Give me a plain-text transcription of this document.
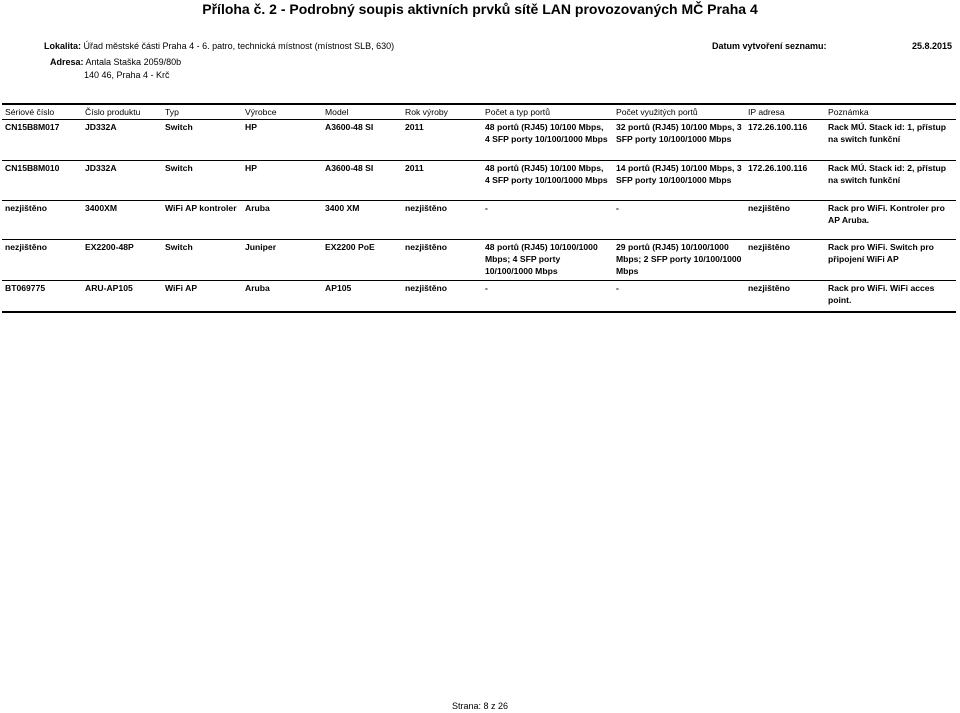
Příloha č. 2 - Podrobný soupis aktivních prvků sítě LAN provozovaných MČ Praha 4
Lokalita: Úřad městské části Praha 4 - 6. patro, technická místnost (místnost SLB, 630)
Adresa: Antala Staška 2059/80b
140 46, Praha 4 - Krč
Datum vytvoření seznamu:	25.8.2015
Sériové číslo	Číslo produktu	Typ	Výrobce	Model	Rok výroby	Počet a typ portů	Počet využitých portů	IP adresa	Poznámka
CN15B8M017	JD332A	Switch	HP	A3600-48 SI	2011	48 portů (RJ45) 10/100 Mbps, 4 SFP porty 10/100/1000 Mbps	32 portů (RJ45) 10/100 Mbps, 3 SFP porty 10/100/1000 Mbps	172.26.100.116	Rack MÚ. Stack id: 1, přístup na switch funkční
CN15B8M010	JD332A	Switch	HP	A3600-48 SI	2011	48 portů (RJ45) 10/100 Mbps, 4 SFP porty 10/100/1000 Mbps	14 portů (RJ45) 10/100 Mbps, 3 SFP porty 10/100/1000 Mbps	172.26.100.116	Rack MÚ. Stack id: 2, přístup na switch funkční
nezjištěno	3400XM	WiFi AP kontroler	Aruba	3400 XM	nezjištěno	-	-	nezjištěno	Rack pro WiFi. Kontroler pro AP Aruba.
nezjištěno	EX2200-48P	Switch	Juniper	EX2200 PoE	nezjištěno	48 portů (RJ45) 10/100/1000 Mbps; 4 SFP porty 10/100/1000 Mbps	29 portů (RJ45) 10/100/1000 Mbps; 2 SFP porty 10/100/1000 Mbps	nezjištěno	Rack pro WiFi. Switch pro připojení WiFi AP
BT069775	ARU-AP105	WiFi AP	Aruba	AP105	nezjištěno	-	-	nezjištěno	Rack pro WiFi. WiFi acces point.
Strana: 8 z 26
